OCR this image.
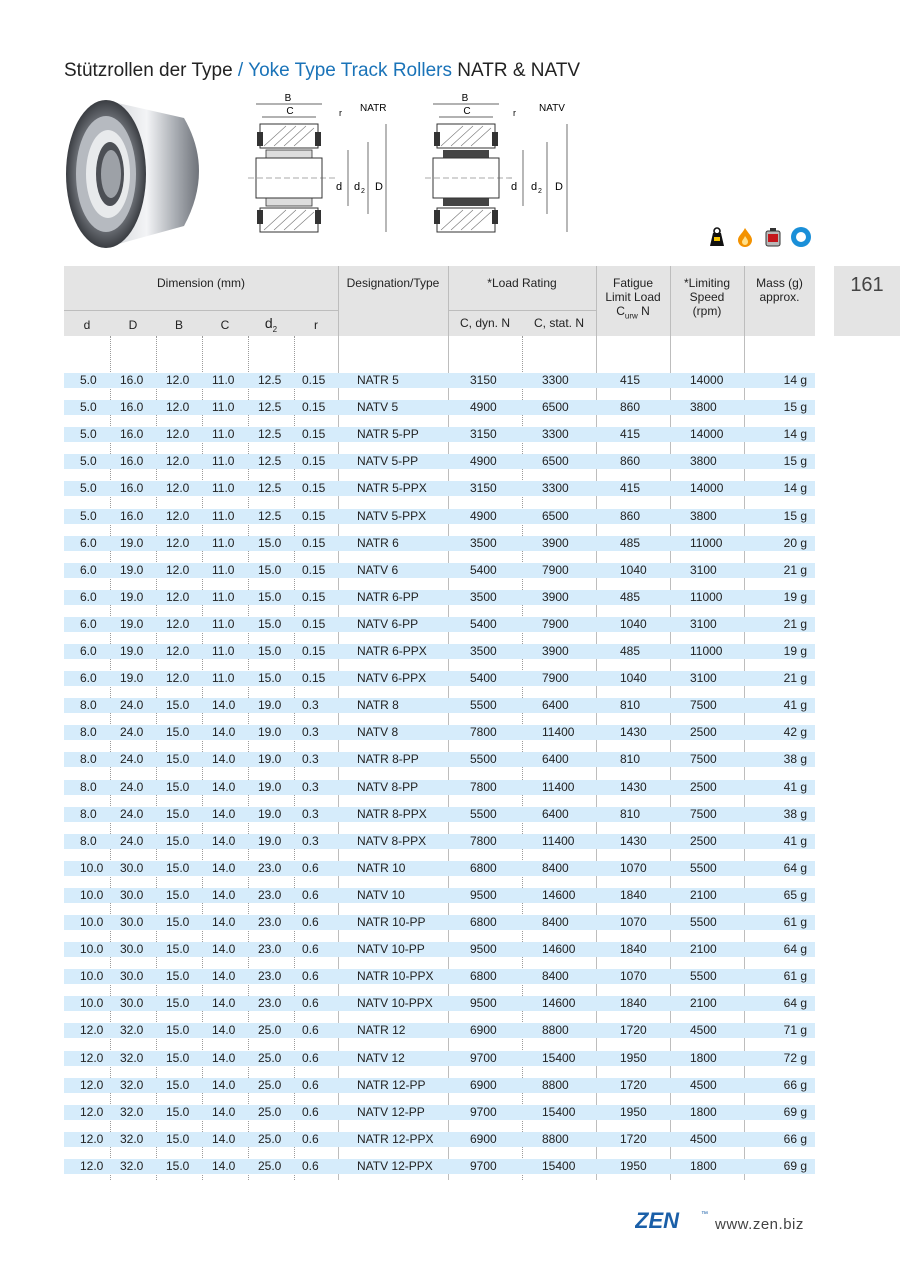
Stützrollen der Type / Yoke Type Track Rollers NATR & NATV
B
C	r NATR
d d 2 D
B
C	r NATV
d d 2 D
161
Dimension (mm)
d	D	B	C	$d_2$	r
Designation/Type	*Load Rating
C, dyn. N	C, stat. N
Fatigue
Limit Load
$C_{urw}$ N
*Limiting
Speed
(rpm)
Mass (g)
approx.
5.0 16.0 12.0 11.0 12.5 0.15	NATR 5	3150	3300	415	14000	14 g
5.0 16.0 12.0 11.0 12.5 0.15	NATV 5	4900	6500	860	3800	15 g
5.0 16.0 12.0 11.0 12.5 0.15	NATR 5-PP	3150	3300	415	14000	14 g
5.0 16.0 12.0 11.0 12.5 0.15	NATV 5-PP	4900	6500	860	3800	15 g
5.0 16.0 12.0 11.0 12.5 0.15	NATR 5-PPX	3150	3300	415	14000	14 g
5.0 16.0 12.0 11.0 12.5 0.15	NATV 5-PPX	4900	6500	860	3800	15 g
6.0 19.0 12.0 11.0 15.0 0.15	NATR 6	3500	3900	485	11000	20 g
6.0 19.0 12.0 11.0 15.0 0.15	NATV 6	5400	7900	1040	3100	21 g
6.0 19.0 12.0 11.0 15.0 0.15	NATR 6-PP	3500	3900	485	11000	19 g
6.0 19.0 12.0 11.0 15.0 0.15	NATV 6-PP	5400	7900	1040	3100	21 g
6.0 19.0 12.0 11.0 15.0 0.15	NATR 6-PPX	3500	3900	485	11000	19 g
6.0 19.0 12.0 11.0 15.0 0.15	NATV 6-PPX	5400	7900	1040	3100	21 g
8.0 24.0 15.0 14.0 19.0 0.3	NATR 8	5500	6400	810	7500	41 g
8.0 24.0 15.0 14.0 19.0 0.3	NATV 8	7800	11400	1430	2500	42 g
8.0 24.0 15.0 14.0 19.0 0.3	NATR 8-PP	5500	6400	810	7500	38 g
8.0 24.0 15.0 14.0 19.0 0.3	NATV 8-PP	7800	11400	1430	2500	41 g
8.0 24.0 15.0 14.0 19.0 0.3	NATR 8-PPX	5500	6400	810	7500	38 g
8.0 24.0 15.0 14.0 19.0 0.3	NATV 8-PPX	7800	11400	1430	2500	41 g
10.0 30.0 15.0 14.0 23.0 0.6	NATR 10	6800	8400	1070	5500	64 g
10.0 30.0 15.0 14.0 23.0 0.6	NATV 10	9500	14600	1840	2100	65 g
10.0 30.0 15.0 14.0 23.0 0.6	NATR 10-PP	6800	8400	1070	5500	61 g
10.0 30.0 15.0 14.0 23.0 0.6	NATV 10-PP	9500	14600	1840	2100	64 g
10.0 30.0 15.0 14.0 23.0 0.6	NATR 10-PPX	6800	8400	1070	5500	61 g
10.0 30.0 15.0 14.0 23.0 0.6	NATV 10-PPX	9500	14600	1840	2100	64 g
12.0 32.0 15.0 14.0 25.0 0.6	NATR 12	6900	8800	1720	4500	71 g
12.0 32.0 15.0 14.0 25.0 0.6	NATV 12	9700	15400	1950	1800	72 g
12.0 32.0 15.0 14.0 25.0 0.6	NATR 12-PP	6900	8800	1720	4500	66 g
12.0 32.0 15.0 14.0 25.0 0.6	NATV 12-PP	9700	15400	1950	1800	69 g
12.0 32.0 15.0 14.0 25.0 0.6	NATR 12-PPX	6900	8800	1720	4500	66 g
12.0 32.0 15.0 14.0 25.0 0.6	NATV 12-PPX	9700	15400	1950	1800	69 g
ZEN	™
www.zen.biz
